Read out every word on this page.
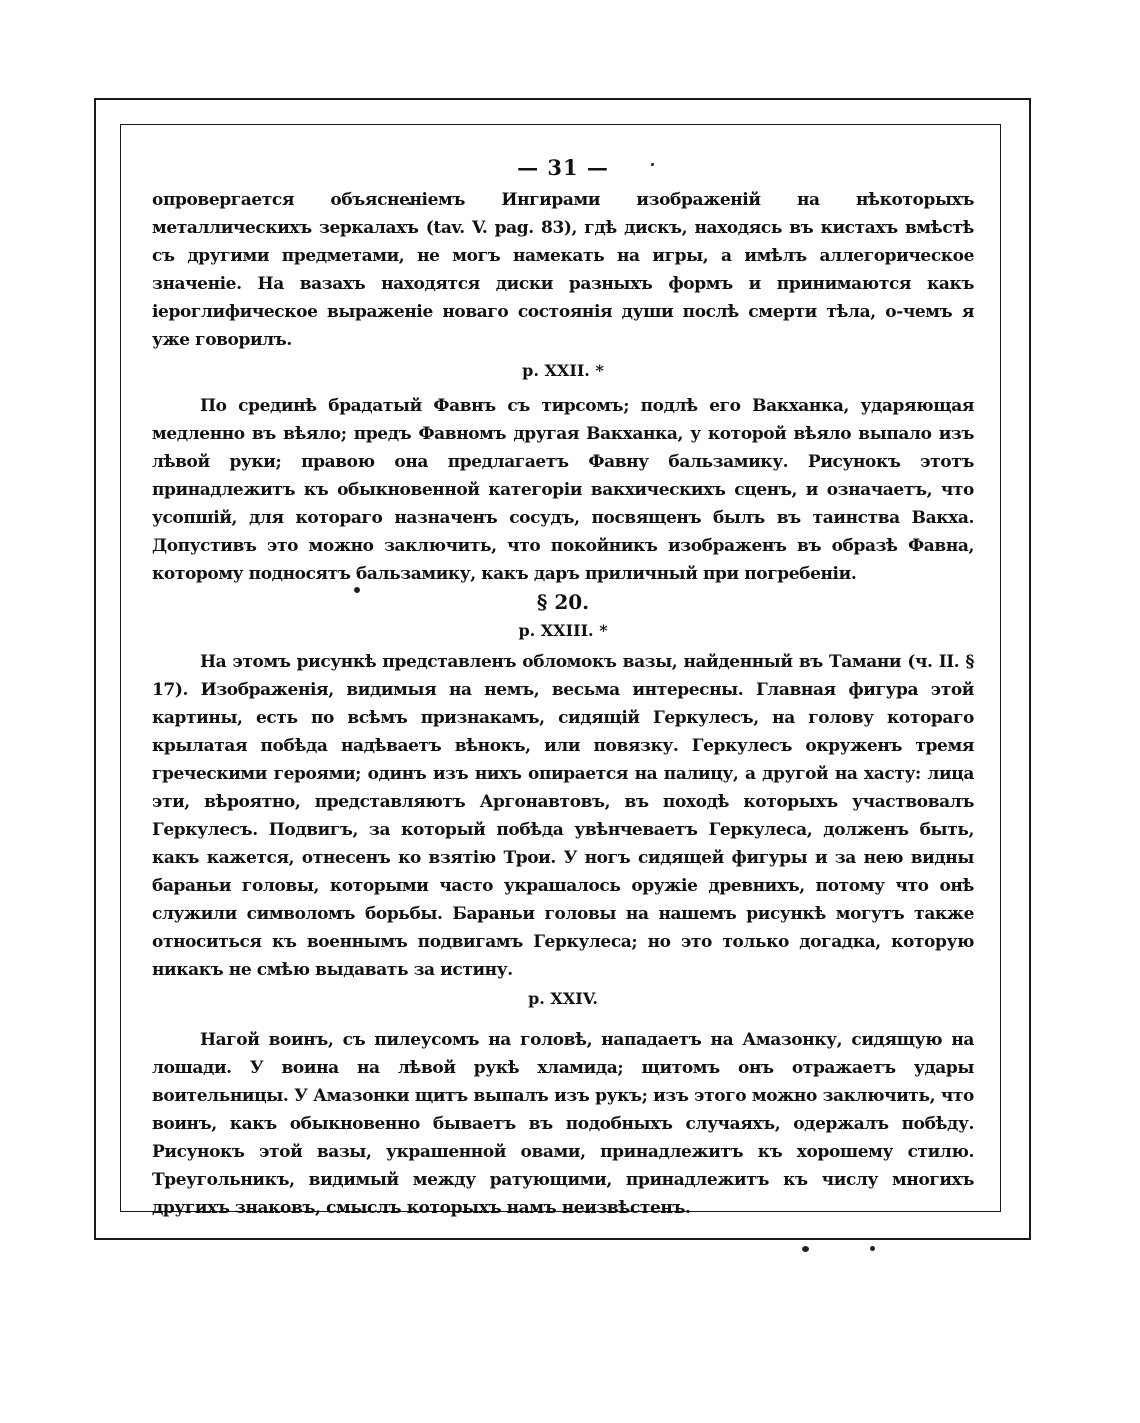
— 31 —

опровергается объясненіемъ Ингирами изображеній на нѣкоторыхъ металлическихъ зеркалахъ (tav. V. pag. 83), гдѣ дискъ, находясь въ кистахъ вмѣстѣ съ другими предметами, не могъ намекать на игры, а имѣлъ аллегорическое значеніе. На вазахъ находятся диски разныхъ формъ и принимаются какъ іероглифическое выраженіе новаго состоянія души послѣ смерти тѣла, о-чемъ я уже говорилъ.

p. XXII. *

По срединѣ брадатый Фавнъ съ тирсомъ; подлѣ его Вакханка, ударяющая медленно въ вѣяло; предъ Фавномъ другая Вакханка, у которой вѣяло выпало изъ лѣвой руки; правою она предлагаетъ Фавну бальзамику. Рисунокъ этотъ принадлежитъ къ обыкновенной категоріи вакхическихъ сценъ, и означаетъ, что усопшій, для котораго назначенъ сосудъ, посвященъ былъ въ таинства Вакха. Допустивъ это можно заключить, что покойникъ изображенъ въ образѣ Фавна, которому подносятъ бальзамику, какъ даръ приличный при погребеніи.

§ 20.

p. XXIII. *

На этомъ рисункѣ представленъ обломокъ вазы, найденный въ Тамани (ч. II. § 17). Изображенія, видимыя на немъ, весьма интересны. Главная фигура этой картины, есть по всѣмъ признакамъ, сидящій Геркулесъ, на голову котораго крылатая побѣда надѣваетъ вѣнокъ, или повязку. Геркулесъ окруженъ тремя греческими героями; одинъ изъ нихъ опирается на палицу, а другой на хасту: лица эти, вѣроятно, представляютъ Аргонавтовъ, въ походѣ которыхъ участвовалъ Геркулесъ. Подвигъ, за который побѣда увѣнчеваетъ Геркулеса, долженъ быть, какъ кажется, отнесенъ ко взятію Трои. У ногъ сидящей фигуры и за нею видны бараньи головы, которыми часто украшалось оружіе древнихъ, потому что онѣ служили символомъ борьбы. Бараньи головы на нашемъ рисункѣ могутъ также относиться къ военнымъ подвигамъ Геркулеса; но это только догадка, которую никакъ не смѣю выдавать за истину.

p. XXIV.

Нагой воинъ, съ пилеусомъ на головѣ, нападаетъ на Амазонку, сидящую на лошади. У воина на лѣвой рукѣ хламида; щитомъ онъ отражаетъ удары воительницы. У Амазонки щитъ выпалъ изъ рукъ; изъ этого можно заключить, что воинъ, какъ обыкновенно бываетъ въ подобныхъ случаяхъ, одержалъ побѣду. Рисунокъ этой вазы, украшенной овами, принадлежитъ къ хорошему стилю. Треугольникъ, видимый между ратующими, принадлежитъ къ числу многихъ другихъ знаковъ, смыслъ которыхъ намъ неизвѣстенъ.
